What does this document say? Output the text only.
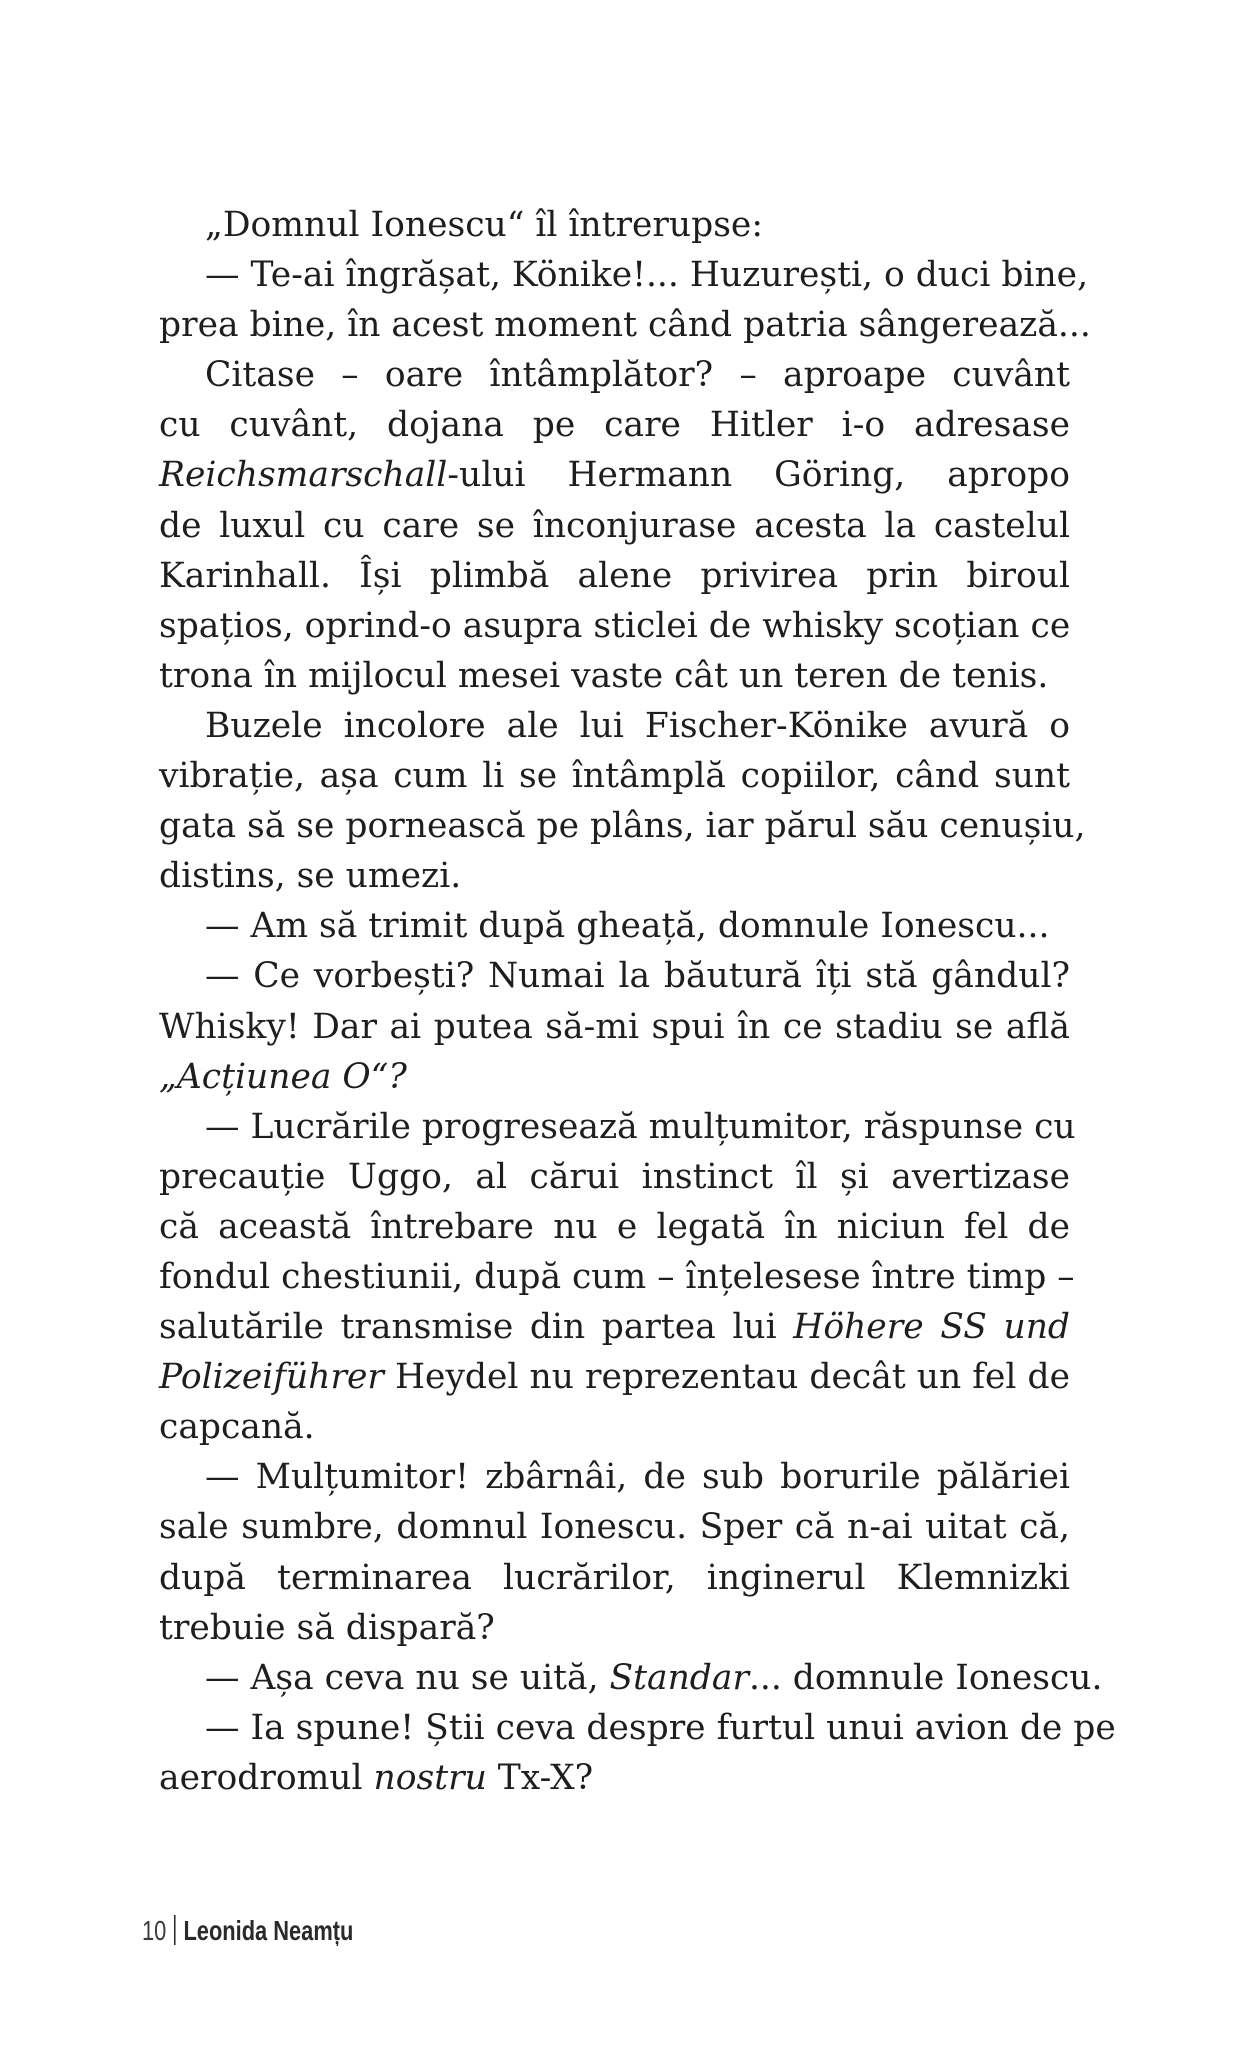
„Domnul Ionescu“ îl întrerupse:
— Te-ai îngrășat, Könike!... Huzurești, o duci bine,
prea bine, în acest moment când patria sângerează...
Citase – oare întâmplător? – aproape cuvânt
cu cuvânt, dojana pe care Hitler i-o adresase
Reichsmarschall-ului Hermann Göring, apropo
de luxul cu care se înconjurase acesta la castelul
Karinhall. Își plimbă alene privirea prin biroul
spațios, oprind-o asupra sticlei de whisky scoțian ce
trona în mijlocul mesei vaste cât un teren de tenis.
Buzele incolore ale lui Fischer-Könike avură o
vibrație, așa cum li se întâmplă copiilor, când sunt
gata să se pornească pe plâns, iar părul său cenușiu,
distins, se umezi.
— Am să trimit după gheață, domnule Ionescu...
— Ce vorbești? Numai la băutură îți stă gândul?
Whisky! Dar ai putea să-mi spui în ce stadiu se află
„Acțiunea O“?
— Lucrările progresează mulțumitor, răspunse cu
precauție Uggo, al cărui instinct îl și avertizase
că această întrebare nu e legată în niciun fel de
fondul chestiunii, după cum – înțelesese între timp –
salutările transmise din partea lui Höhere SS und
Polizeiführer Heydel nu reprezentau decât un fel de
capcană.
— Mulțumitor! zbârnâi, de sub borurile pălăriei
sale sumbre, domnul Ionescu. Sper că n-ai uitat că,
după terminarea lucrărilor, inginerul Klemnizki
trebuie să dispară?
— Așa ceva nu se uită, Standar... domnule Ionescu.
— Ia spune! Știi ceva despre furtul unui avion de pe
aerodromul nostru Tx-X?
10 Leonida Neamțu
